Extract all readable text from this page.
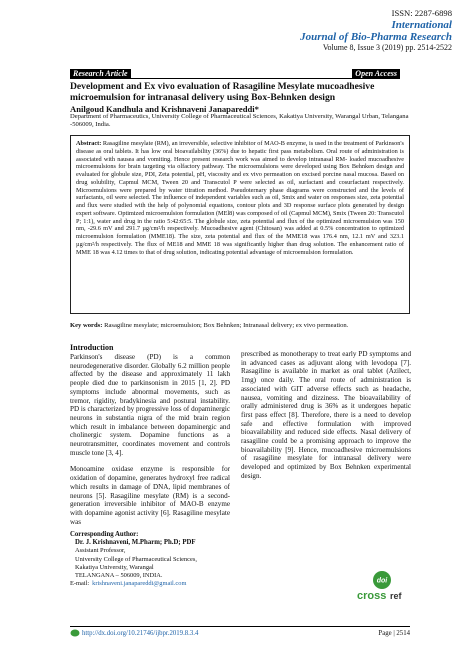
ISSN: 2287-6898
International
Journal of Bio-Pharma Research
Volume 8, Issue 3 (2019) pp. 2514-2522
Research Article	Open Access
Development and Ex vivo evaluation of Rasagiline Mesylate mucoadhesive microemulsion for intranasal delivery using Box-Behnken design
Anilgoud Kandhula and Krishnaveni Janapareddi*
Department of Pharmaceutics, University College of Pharmaceutical Sciences, Kakatiya University, Warangal Urban, Telangana -506009, India.
Abstract: Rasagiline mesylate (RM), an irreversible, selective inhibitor of MAO-B enzyme, is used in the treatment of Parkinson's disease as oral tablets. It has low oral bioavailability (36%) due to hepatic first pass metabolism. Oral route of administration is associated with nausea and vomiting. Hence present research work was aimed to develop intranasal RM- loaded mucoadhesive microemulsions for brain targeting via olfactory pathway. The microemulsions were developed using Box Behnken design and evaluated for globule size, PDI, Zeta potential, pH, viscosity and ex vivo permeation on excised porcine nasal mucosa. Based on drug solubility, Capmul MCM, Tween 20 and Transcutol P were selected as oil, surfactant and cosurfactant respectively. Microemulsions were prepared by water titration method. Pseudoternary phase diagrams were constructed and the levels of surfactants, oil were selected. The influence of independent variables such as oil, Smix and water on responses size, zeta potential and flux were studied with the help of polynomial equations, contour plots and 3D response surface plots generated by design expert software. Optimized microemulsion formulation (MEl8) was composed of oil (Capmul MCM), Smix (Tween 20: Transcutol P; 1:1), water and drug in the ratio 5:42:65:5. The globule size, zeta potential and flux of the optimized microemulsion was 150 nm, -29.6 mV and 291.7 µg/cm²/h respectively. Mucoadhesive agent (Chitosan) was added at 0.5% concentration to optimized microemulsion formulation (MME18). The size, zeta potential and flux of the MME18 was 176.4 nm, 12.1 mV and 323.1 µg/cm²/h respectively. The flux of ME18 and MME 18 was significantly higher than drug solution. The enhancement ratio of MME 18 was 4.12 times to that of drug solution, indicating potential advantage of microemulsion formulation.
Key words: Rasagiline mesylate; microemulsion; Box Behnken; Intranasal delivery; ex vivo permeation.
Introduction
Parkinson's disease (PD) is a common neurodegenerative disorder. Globally 6.2 million people affected by the disease and approximately 11 lakh people died due to parkinsonism in 2015 [1, 2]. PD symptoms include abnormal movements, such as tremor, rigidity, bradykinesia and postural instability. PD is characterized by progressive loss of dopaminergic neurons in substantia nigra of the mid brain region which result in imbalance between dopaminergic and cholinergic system. Dopamine functions as a neurotransmitter, coordinates movement and controls muscle tone [3, 4].
Monoamine oxidase enzyme is responsible for oxidation of dopamine, generates hydroxyl free radical which results in damage of DNA, lipid membranes of neurons [5]. Rasagiline mesylate (RM) is a second-generation irreversible inhibitor of MAO-B enzyme with dopamine agonist activity [6]. Rasagiline mesylate was
prescribed as monotherapy to treat early PD symptoms and in advanced cases as adjuvant along with levodopa [7]. Rasagiline is available in market as oral tablet (Azilect, 1mg) once daily. The oral route of administration is associated with GIT adverse effects such as headache, nausea, vomiting and dizziness. The bioavailability of orally administered drug is 36% as it undergoes hepatic first pass effect [8]. Therefore, there is a need to develop safe and effective formulation with improved bioavailability and reduced side effects. Nasal delivery of rasagiline could be a promising approach to improve the bioavailability [9]. Hence, mucoadhesive microemulsions of rasagiline mesylate for intranasal delivery were developed and optimized by Box Behnken experimental design.
Corresponding Author:
Dr. J. Krishnaveni, M.Pharm; Ph.D; PDF
Assistant Professor,
University College of Pharmaceutical Sciences,
Kakatiya University, Warangal
TELANGANA – 506009, INDIA.
E-mail: krishnaveni.janapareddi@gmail.com	doi
cross ref
http://dx.doi.org/10.21746/ijbpr.2019.8.3.4	Page | 2514
